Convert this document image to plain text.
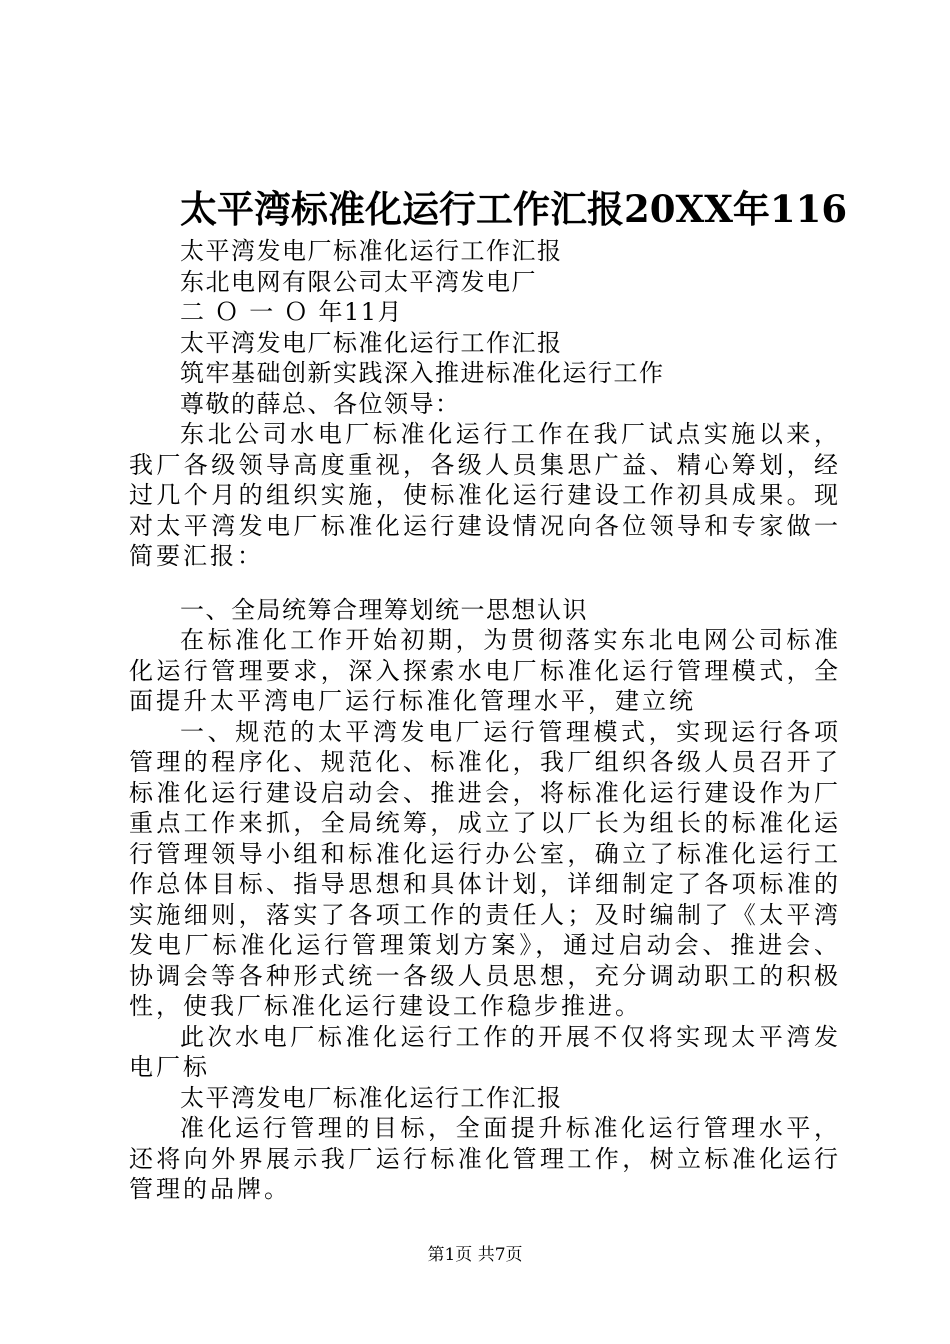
太平湾标准化运行工作汇报20XX年116
太平湾发电厂标准化运行工作汇报
东北电网有限公司太平湾发电厂
二 Ｏ 一 Ｏ 年11月
太平湾发电厂标准化运行工作汇报
筑牢基础创新实践深入推进标准化运行工作
尊敬的薛总、各位领导：

东北公司水电厂标准化运行工作在我厂试点实施以来，我厂各级领导高度重视，各级人员集思广益、精心筹划，经过几个月的组织实施，使标准化运行建设工作初具成果。现对太平湾发电厂标准化运行建设情况向各位领导和专家做一简要汇报：

一、全局统筹合理筹划统一思想认识

在标准化工作开始初期，为贯彻落实东北电网公司标准化运行管理要求，深入探索水电厂标准化运行管理模式，全面提升太平湾电厂运行标准化管理水平，建立统

一、规范的太平湾发电厂运行管理模式，实现运行各项管理的程序化、规范化、标准化，我厂组织各级人员召开了标准化运行建设启动会、推进会，将标准化运行建设作为厂重点工作来抓，全局统筹，成立了以厂长为组长的标准化运行管理领导小组和标准化运行办公室，确立了标准化运行工作总体目标、指导思想和具体计划，详细制定了各项标准的实施细则，落实了各项工作的责任人；及时编制了《太平湾发电厂标准化运行管理策划方案》，通过启动会、推进会、协调会等各种形式统一各级人员思想，充分调动职工的积极性，使我厂标准化运行建设工作稳步推进。

此次水电厂标准化运行工作的开展不仅将实现太平湾发电厂标

太平湾发电厂标准化运行工作汇报

准化运行管理的目标，全面提升标准化运行管理水平，还将向外界展示我厂运行标准化管理工作，树立标准化运行管理的品牌。

第1页 共7页
